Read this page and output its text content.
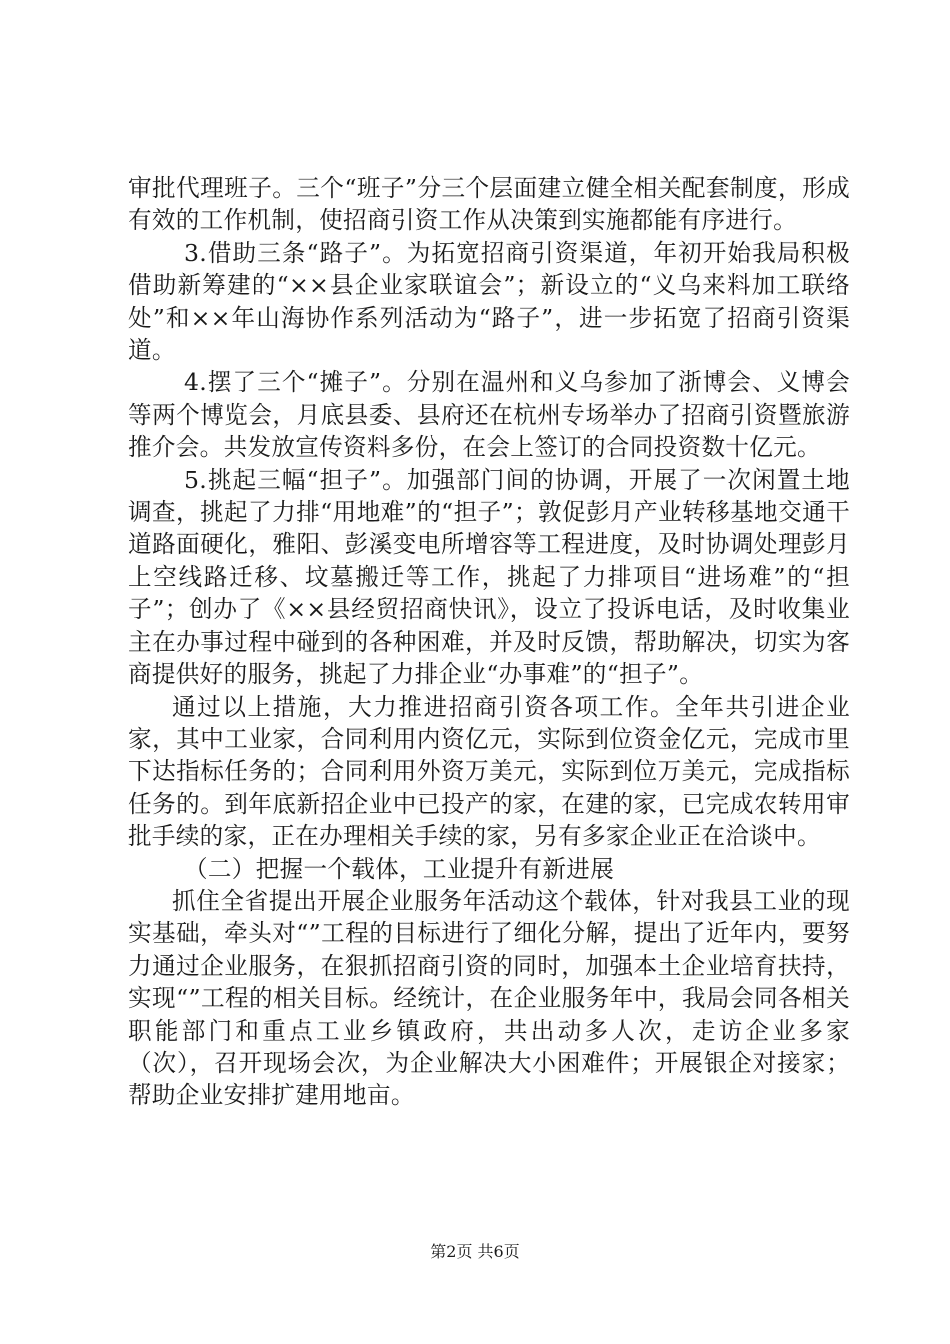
审批代理班子。三个“班子”分三个层面建立健全相关配套制度，形成有效的工作机制，使招商引资工作从决策到实施都能有序进行。

3.借助三条“路子”。为拓宽招商引资渠道，年初开始我局积极借助新筹建的“××县企业家联谊会”；新设立的“义乌来料加工联络处”和××年山海协作系列活动为“路子”，进一步拓宽了招商引资渠道。

4.摆了三个“摊子”。分别在温州和义乌参加了浙博会、义博会等两个博览会，月底县委、县府还在杭州专场举办了招商引资暨旅游推介会。共发放宣传资料多份，在会上签订的合同投资数十亿元。

5.挑起三幅“担子”。加强部门间的协调，开展了一次闲置土地调查，挑起了力排“用地难”的“担子”；敦促彭月产业转移基地交通干道路面硬化，雅阳、彭溪变电所增容等工程进度，及时协调处理彭月上空线路迁移、坟墓搬迁等工作，挑起了力排项目“进场难”的“担子”；创办了《××县经贸招商快讯》，设立了投诉电话，及时收集业主在办事过程中碰到的各种困难，并及时反馈，帮助解决，切实为客商提供好的服务，挑起了力排企业“办事难”的“担子”。

通过以上措施，大力推进招商引资各项工作。全年共引进企业家，其中工业家，合同利用内资亿元，实际到位资金亿元，完成市里下达指标任务的；合同利用外资万美元，实际到位万美元，完成指标任务的。到年底新招企业中已投产的家，在建的家，已完成农转用审批手续的家，正在办理相关手续的家，另有多家企业正在洽谈中。

（二）把握一个载体，工业提升有新进展

抓住全省提出开展企业服务年活动这个载体，针对我县工业的现实基础，牵头对“”工程的目标进行了细化分解，提出了近年内，要努力通过企业服务，在狠抓招商引资的同时，加强本土企业培育扶持，实现“”工程的相关目标。经统计，在企业服务年中，我局会同各相关职能部门和重点工业乡镇政府，共出动多人次，走访企业多家（次），召开现场会次，为企业解决大小困难件；开展银企对接家；帮助企业安排扩建用地亩。

第2页 共6页
